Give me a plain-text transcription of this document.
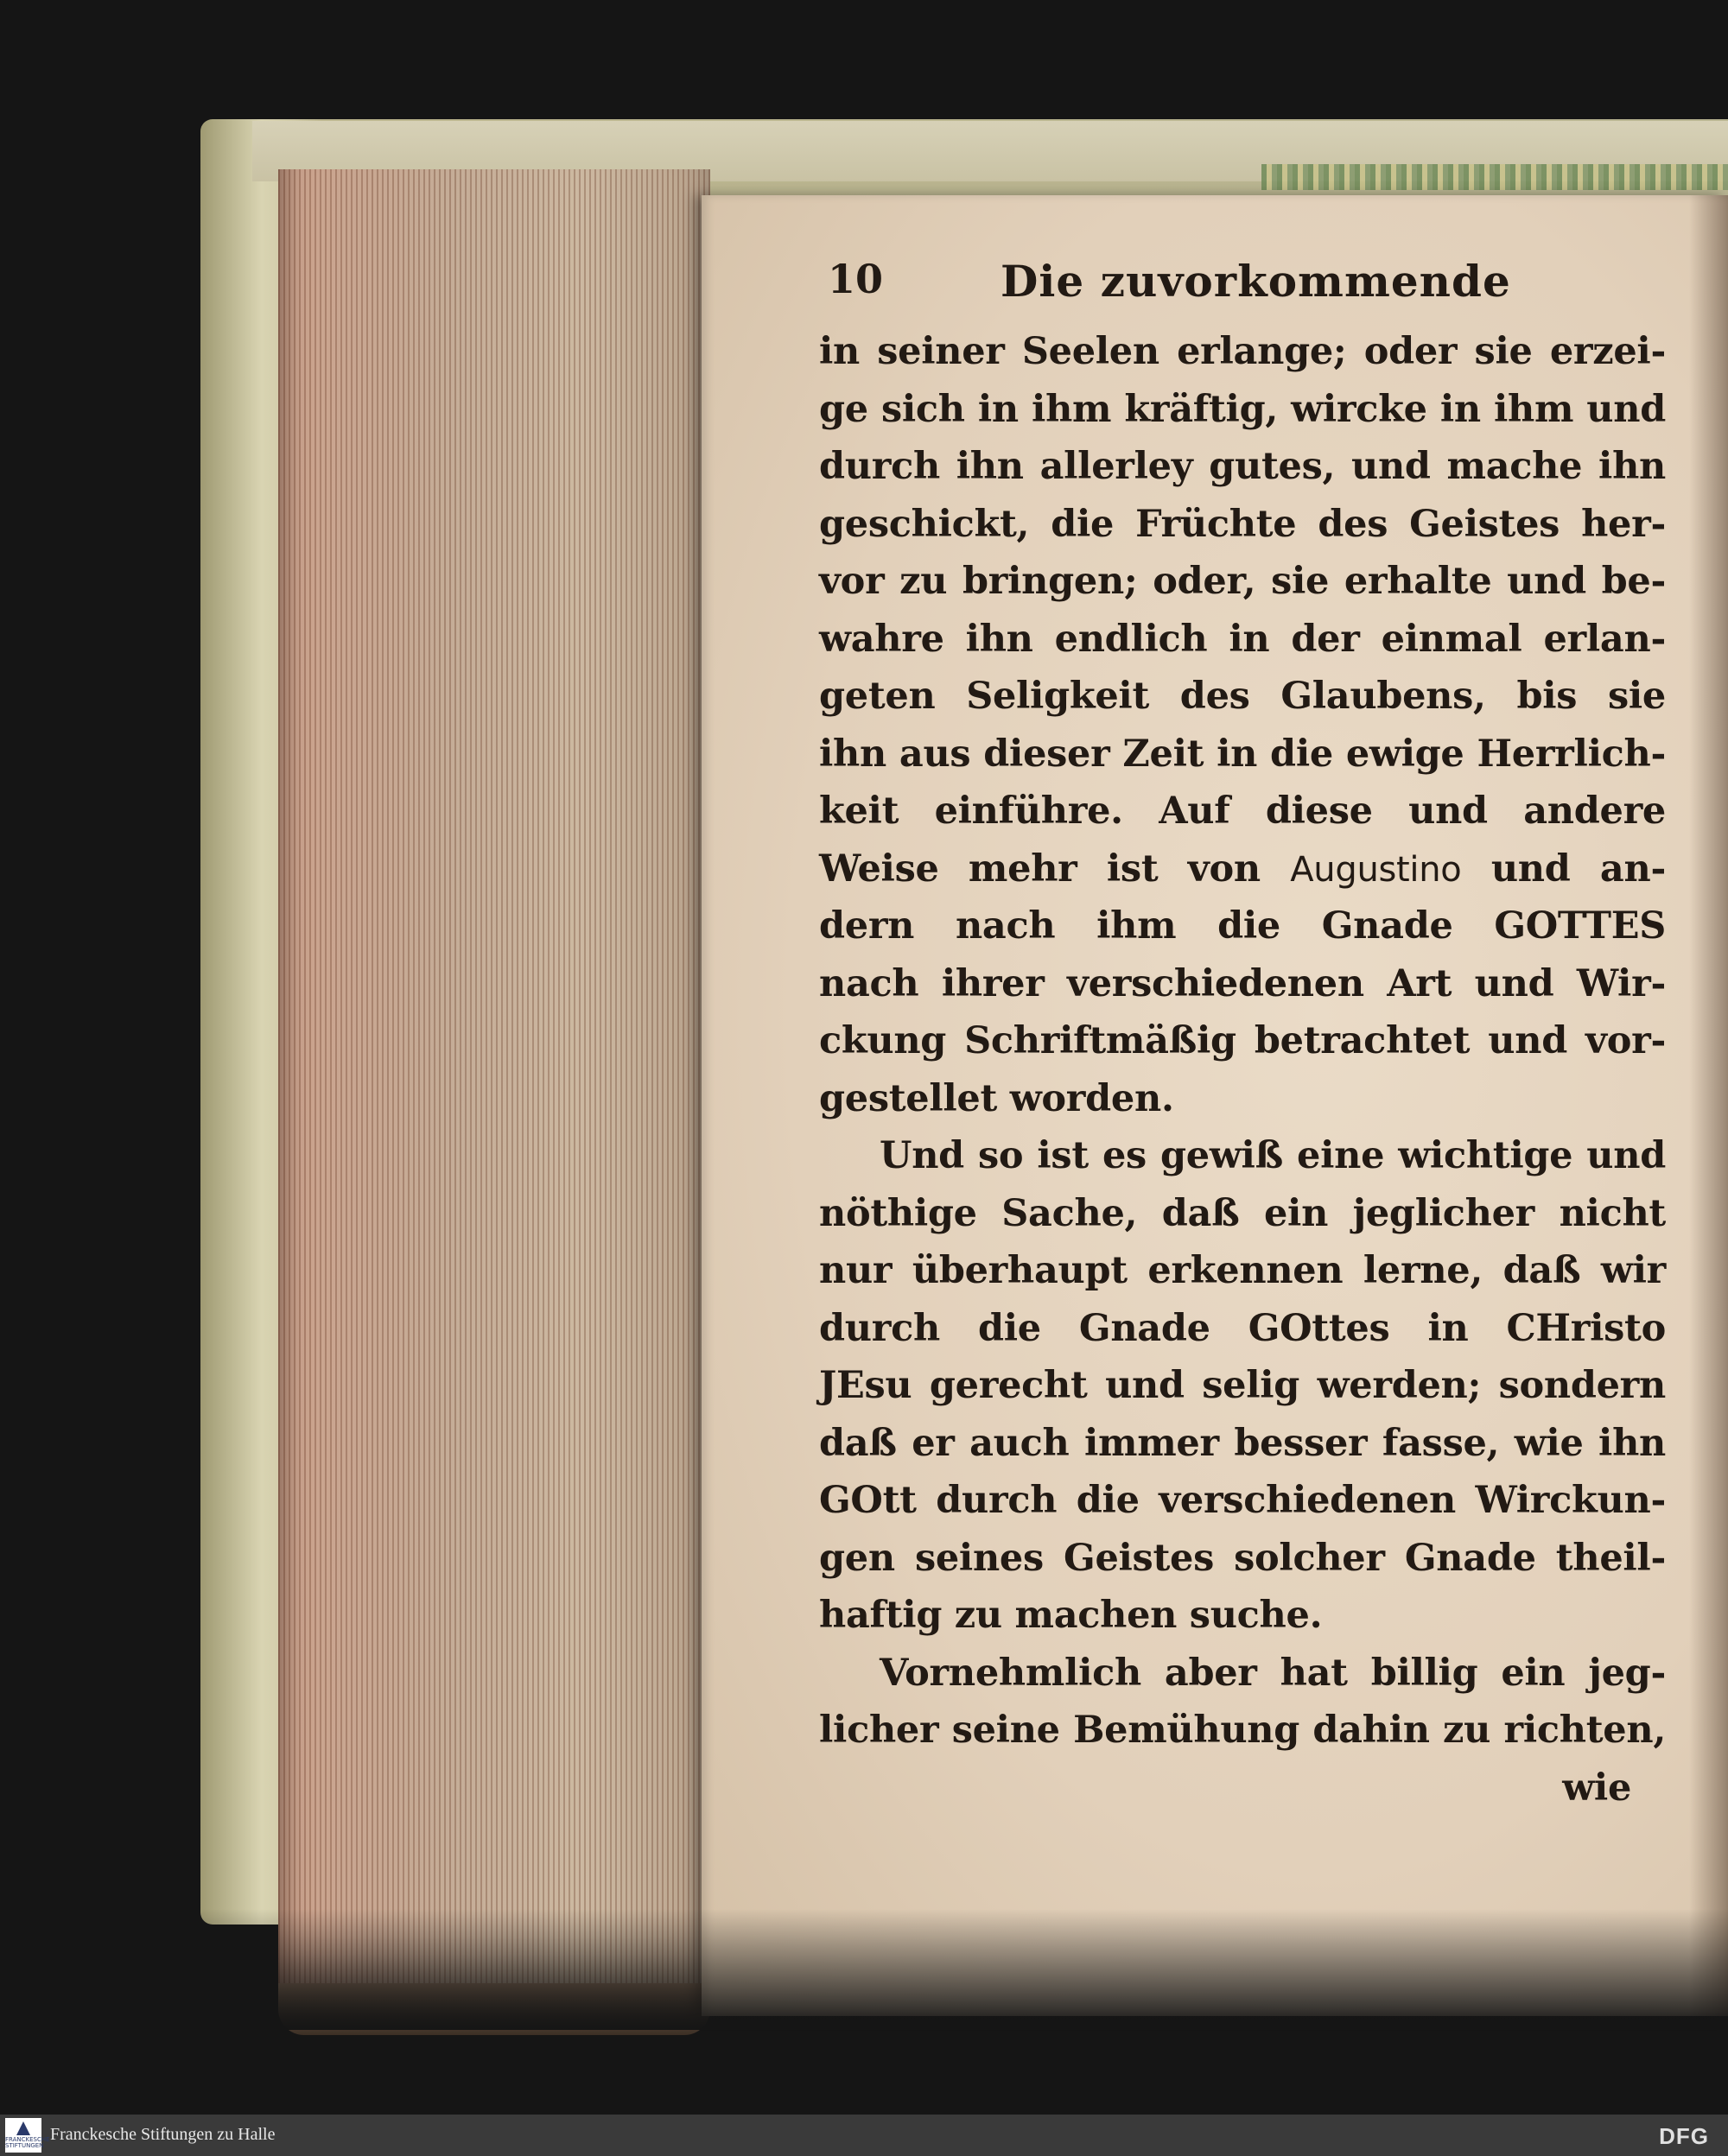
10	Die zuvorkommende
in seiner Seelen erlange; oder sie erzei-
ge sich in ihm kräftig, wircke in ihm und
durch ihn allerley gutes, und mache ihn
geschickt, die Früchte des Geistes her-
vor zu bringen; oder, sie erhalte und be-
wahre ihn endlich in der einmal erlan-
geten Seligkeit des Glaubens, bis sie
ihn aus dieser Zeit in die ewige Herrlich-
keit einführe. Auf diese und andere
Weise mehr ist von Augustino und an-
dern nach ihm die Gnade GOTTES
nach ihrer verschiedenen Art und Wir-
ckung Schriftmäßig betrachtet und vor-
gestellet worden.
Und so ist es gewiß eine wichtige und
nöthige Sache, daß ein jeglicher nicht
nur überhaupt erkennen lerne, daß wir
durch die Gnade GOttes in CHristo
JEsu gerecht und selig werden; sondern
daß er auch immer besser fasse, wie ihn
GOtt durch die verschiedenen Wirckun-
gen seines Geistes solcher Gnade theil-
haftig zu machen suche.
Vornehmlich aber hat billig ein jeg-
licher seine Bemühung dahin zu richten,
wie
FRANCKESCHE STIFTUNGEN
Franckesche Stiftungen zu Halle	DFG
